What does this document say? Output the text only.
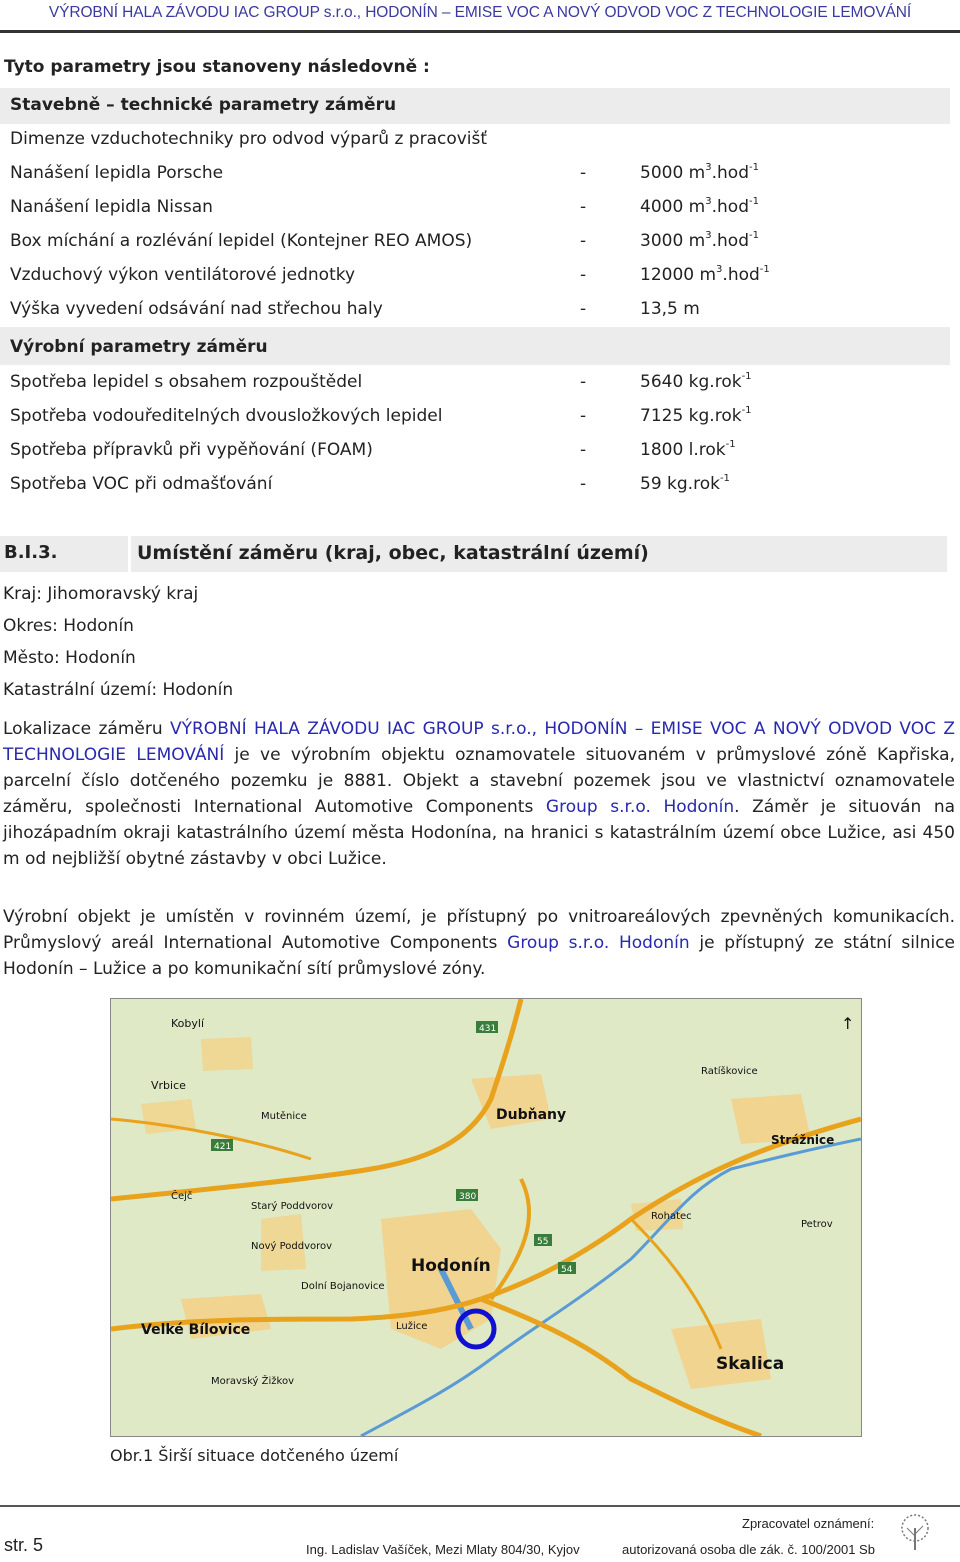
VÝROBNÍ HALA ZÁVODU IAC GROUP s.r.o., HODONÍN – EMISE VOC A NOVÝ ODVOD VOC Z TECHNOLOGIE LEMOVÁNÍ
Tyto parametry jsou stanoveny následovně :
Stavebně – technické parametry záměru
Dimenze vzduchotechniky pro odvod výparů z pracovišť
Nanášení lepidla Porsche	-	5000 $m^3.hod^{-1}$
Nanášení lepidla Nissan	-	4000 $m^3.hod^{-1}$
Box míchání a rozlévání lepidel (Kontejner REO AMOS)	-	3000 $m^3.hod^{-1}$
Vzduchový výkon ventilátorové jednotky	-	12000 $m^3.hod^{-1}$
Výška vyvedení odsávání nad střechou haly	-	13,5 m
Výrobní parametry záměru
Spotřeba lepidel s obsahem rozpouštědel	-	5640 kg.rok$^{-1}$
Spotřeba vodouředitelných dvousložkových lepidel	-	7125 kg.rok$^{-1}$
Spotřeba přípravků při vypěňování (FOAM)	-	1800 l.rok$^{-1}$
Spotřeba VOC při odmašťování	-	59 kg.rok$^{-1}$
B.I.3.	Umístění záměru (kraj, obec, katastrální území)
Kraj: Jihomoravský kraj
Okres: Hodonín
Město: Hodonín
Katastrální území: Hodonín
Lokalizace záměru VÝROBNÍ HALA ZÁVODU IAC GROUP s.r.o., HODONÍN – EMISE VOC A NOVÝ ODVOD VOC Z TECHNOLOGIE LEMOVÁNÍ je ve výrobním objektu oznamovatele situovaném v průmyslové zóně Kapřiska, parcelní číslo dotčeného pozemku je 8881. Objekt a stavební pozemek jsou ve vlastnictví oznamovatele záměru, společnosti International Automotive Components Group s.r.o. Hodonín. Záměr je situován na jihozápadním okraji katastrálního území města Hodonína, na hranici s katastrálním území obce Lužice, asi 450 m od nejbližší obytné zástavby v obci Lužice.
Výrobní objekt je umístěn v rovinném území, je přístupný po vnitroareálových zpevněných komunikacích. Průmyslový areál International Automotive Components Group s.r.o. Hodonín je přístupný ze státní silnice Hodonín – Lužice a po komunikační sítí průmyslové zóny.
431
421
380
55
54
Kobylí
Vrbice
Mutěnice
Starý Poddvorov
Nový Poddvorov
Čejč
Dolní Bojanovice
Velké Bílovice
Moravský Žižkov
Dubňany
Hodonín
Lužice
Ratíškovice
Strážnice
Rohatec
Petrov
Skalica
↑
Obr.1 Širší situace dotčeného území
str. 5
Zpracovatel oznámení:
Ing. Ladislav Vašíček, Mezi Mlaty 804/30, Kyjov	autorizovaná osoba dle zák. č. 100/2001 Sb
